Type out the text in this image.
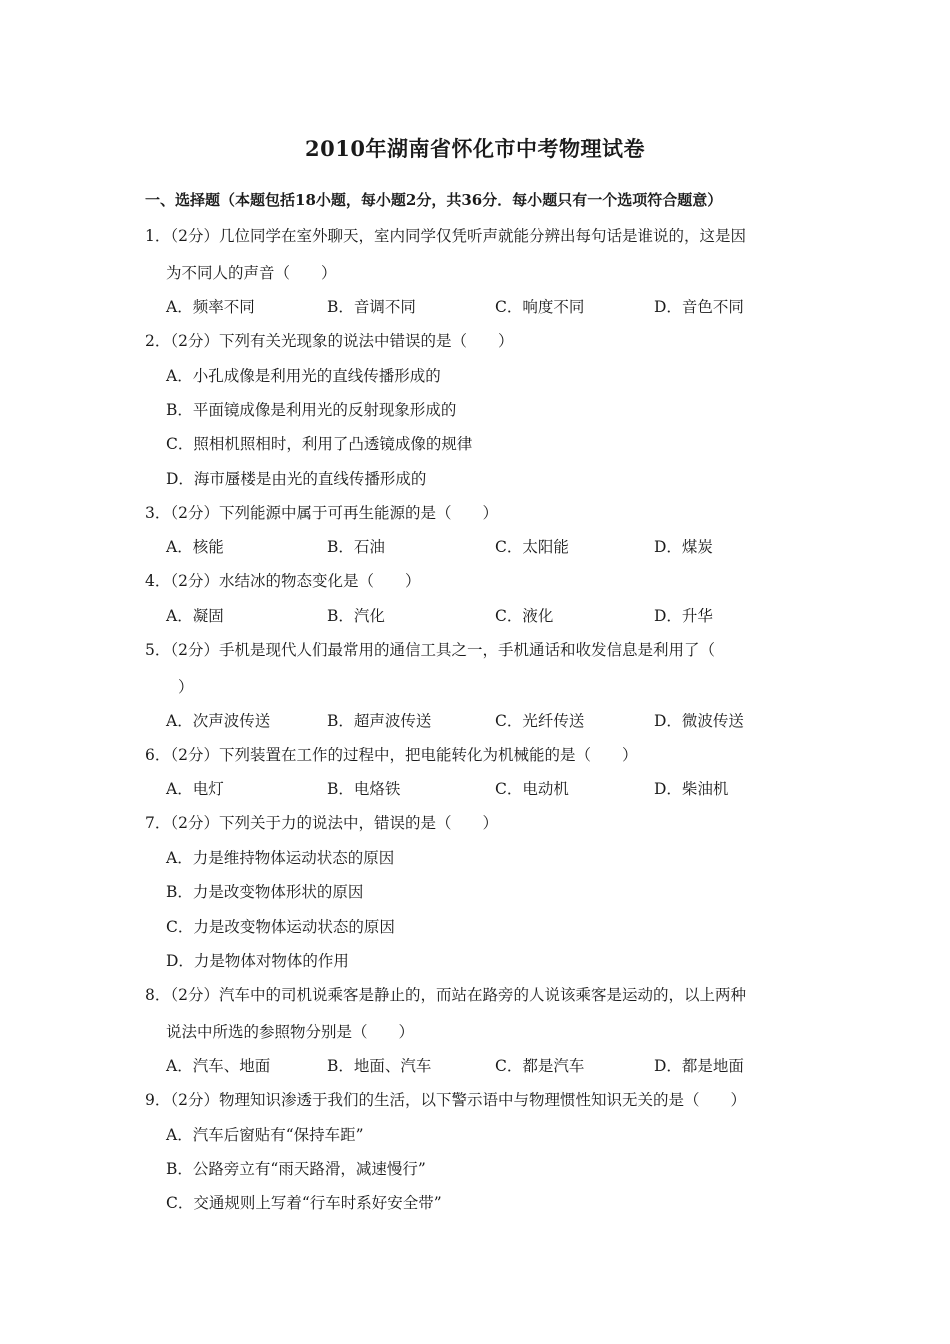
2010年湖南省怀化市中考物理试卷
一、选择题（本题包括18小题，每小题2分，共36分．每小题只有一个选项符合题意）
1．（2分）几位同学在室外聊天，室内同学仅凭听声就能分辨出每句话是谁说的，这是因
为不同人的声音（　　）
A．频率不同	B．音调不同	C．响度不同	D．音色不同
2．（2分）下列有关光现象的说法中错误的是（　　）
A．小孔成像是利用光的直线传播形成的
B．平面镜成像是利用光的反射现象形成的
C．照相机照相时，利用了凸透镜成像的规律
D．海市蜃楼是由光的直线传播形成的
3．（2分）下列能源中属于可再生能源的是（　　）
A．核能	B．石油	C．太阳能	D．煤炭
4．（2分）水结冰的物态变化是（　　）
A．凝固	B．汽化	C．液化	D．升华
5．（2分）手机是现代人们最常用的通信工具之一，手机通话和收发信息是利用了（
）
A．次声波传送	B．超声波传送	C．光纤传送	D．微波传送
6．（2分）下列装置在工作的过程中，把电能转化为机械能的是（　　）
A．电灯	B．电烙铁	C．电动机	D．柴油机
7．（2分）下列关于力的说法中，错误的是（　　）
A．力是维持物体运动状态的原因
B．力是改变物体形状的原因
C．力是改变物体运动状态的原因
D．力是物体对物体的作用
8．（2分）汽车中的司机说乘客是静止的，而站在路旁的人说该乘客是运动的，以上两种
说法中所选的参照物分别是（　　）
A．汽车、地面	B．地面、汽车	C．都是汽车	D．都是地面
9．（2分）物理知识渗透于我们的生活，以下警示语中与物理惯性知识无关的是（　　）
A．汽车后窗贴有“保持车距”
B．公路旁立有“雨天路滑，减速慢行”
C．交通规则上写着“行车时系好安全带”
